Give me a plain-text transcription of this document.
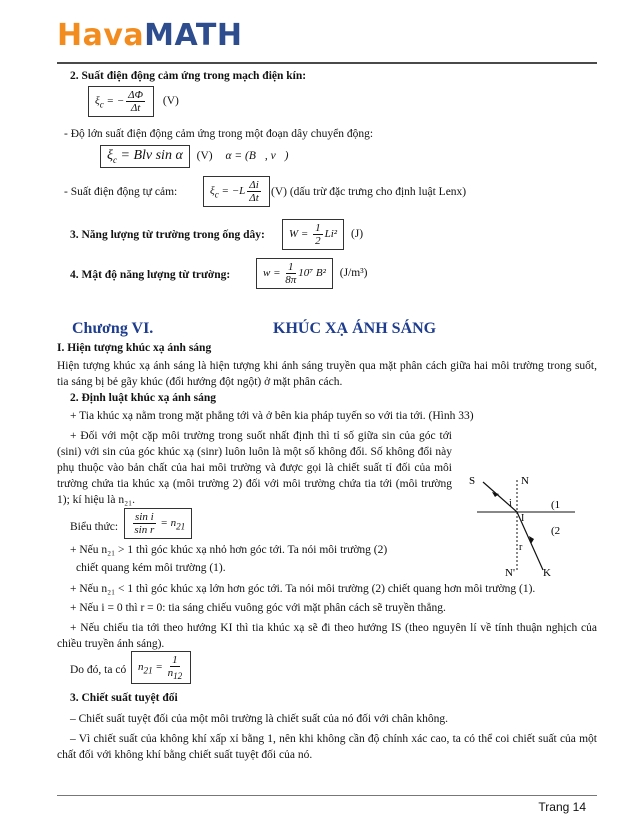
Hava MATH
2. Suất điện động cảm ứng trong mạch điện kín:
$\xi_c$ = − $\frac{\Delta\Phi}{\Delta t} (V)$
- Độ lớn suất điện động cảm ứng trong một đoạn dây chuyển động:
$\xi_c$ = Blv sin α (V) α = (B⃗, v⃗)
- Suất điện động tự cảm:	$\xi_c = -L \frac{\Delta i}{\Delta t} (V)$ (dấu trừ đặc trưng cho định luật Lenx)
3. Năng lượng từ trường trong ống dây:	$W = \frac{1}{2} Li^2$ (J)
4. Mật độ năng lượng từ trường:	$w = \frac{1}{8\pi} 10^7$ B² (J/m³)
Chương VI.	KHÚC XẠ ÁNH SÁNG
I. Hiện tượng khúc xạ ánh sáng
Hiện tượng khúc xạ ánh sáng là hiện tượng khi ánh sáng truyền qua mặt phân cách giữa hai môi trường trong suốt, tia sáng bị bẻ gãy khúc (đổi hướng đột ngột) ở mặt phân cách.
2. Định luật khúc xạ ánh sáng
+ Tia khúc xạ nằm trong mặt phẳng tới và ở bên kia pháp tuyến so với tia tới. (Hình 33)
+ Đối với một cặp môi trường trong suốt nhất định thì tỉ số giữa sin của góc tới (sini) với sin của góc khúc xạ (sinr) luôn luôn là một số không đổi. Số không đổi này phụ thuộc vào bản chất của hai môi trường và được gọi là chiết suất tỉ đối của môi trường chứa tia khúc xạ (môi trường 2) đối với môi trường chứa tia tới (môi trường 1); kí hiệu là n₂₁.
Biểu thức: $\frac{\text{sin i}}{\text{sin r}} = n_{21}$
+ Nếu n₂₁ > 1 thì góc khúc xạ nhỏ hơn góc tới. Ta nói môi trường (2)
chiết quang kém môi trường (1).
+ Nếu n₂₁ < 1 thì góc khúc xạ lớn hơn góc tới. Ta nói môi trường (2) chiết quang hơn môi trường (1).
+ Nếu i = 0 thì r = 0: tia sáng chiếu vuông góc với mặt phân cách sẽ truyền thẳng.
+ Nếu chiếu tia tới theo hướng KI thì tia khúc xạ sẽ đi theo hướng IS (theo nguyên lí về tính thuận nghịch của chiều truyền ánh sáng).
Do đó, ta có	$n_{21} = \frac{1}{n_{12}}$
3. Chiết suất tuyệt đối
– Chiết suất tuyệt đối của một môi trường là chiết suất của nó đối với chân không.
– Vì chiết suất của không khí xấp xỉ bằng 1, nên khi không cần độ chính xác cao, ta có thể coi chiết suất của một chất đối với không khí bằng chiết suất tuyệt đối của nó.
S	N
i
I
r
N'	K
(1
(2
Trang 14
